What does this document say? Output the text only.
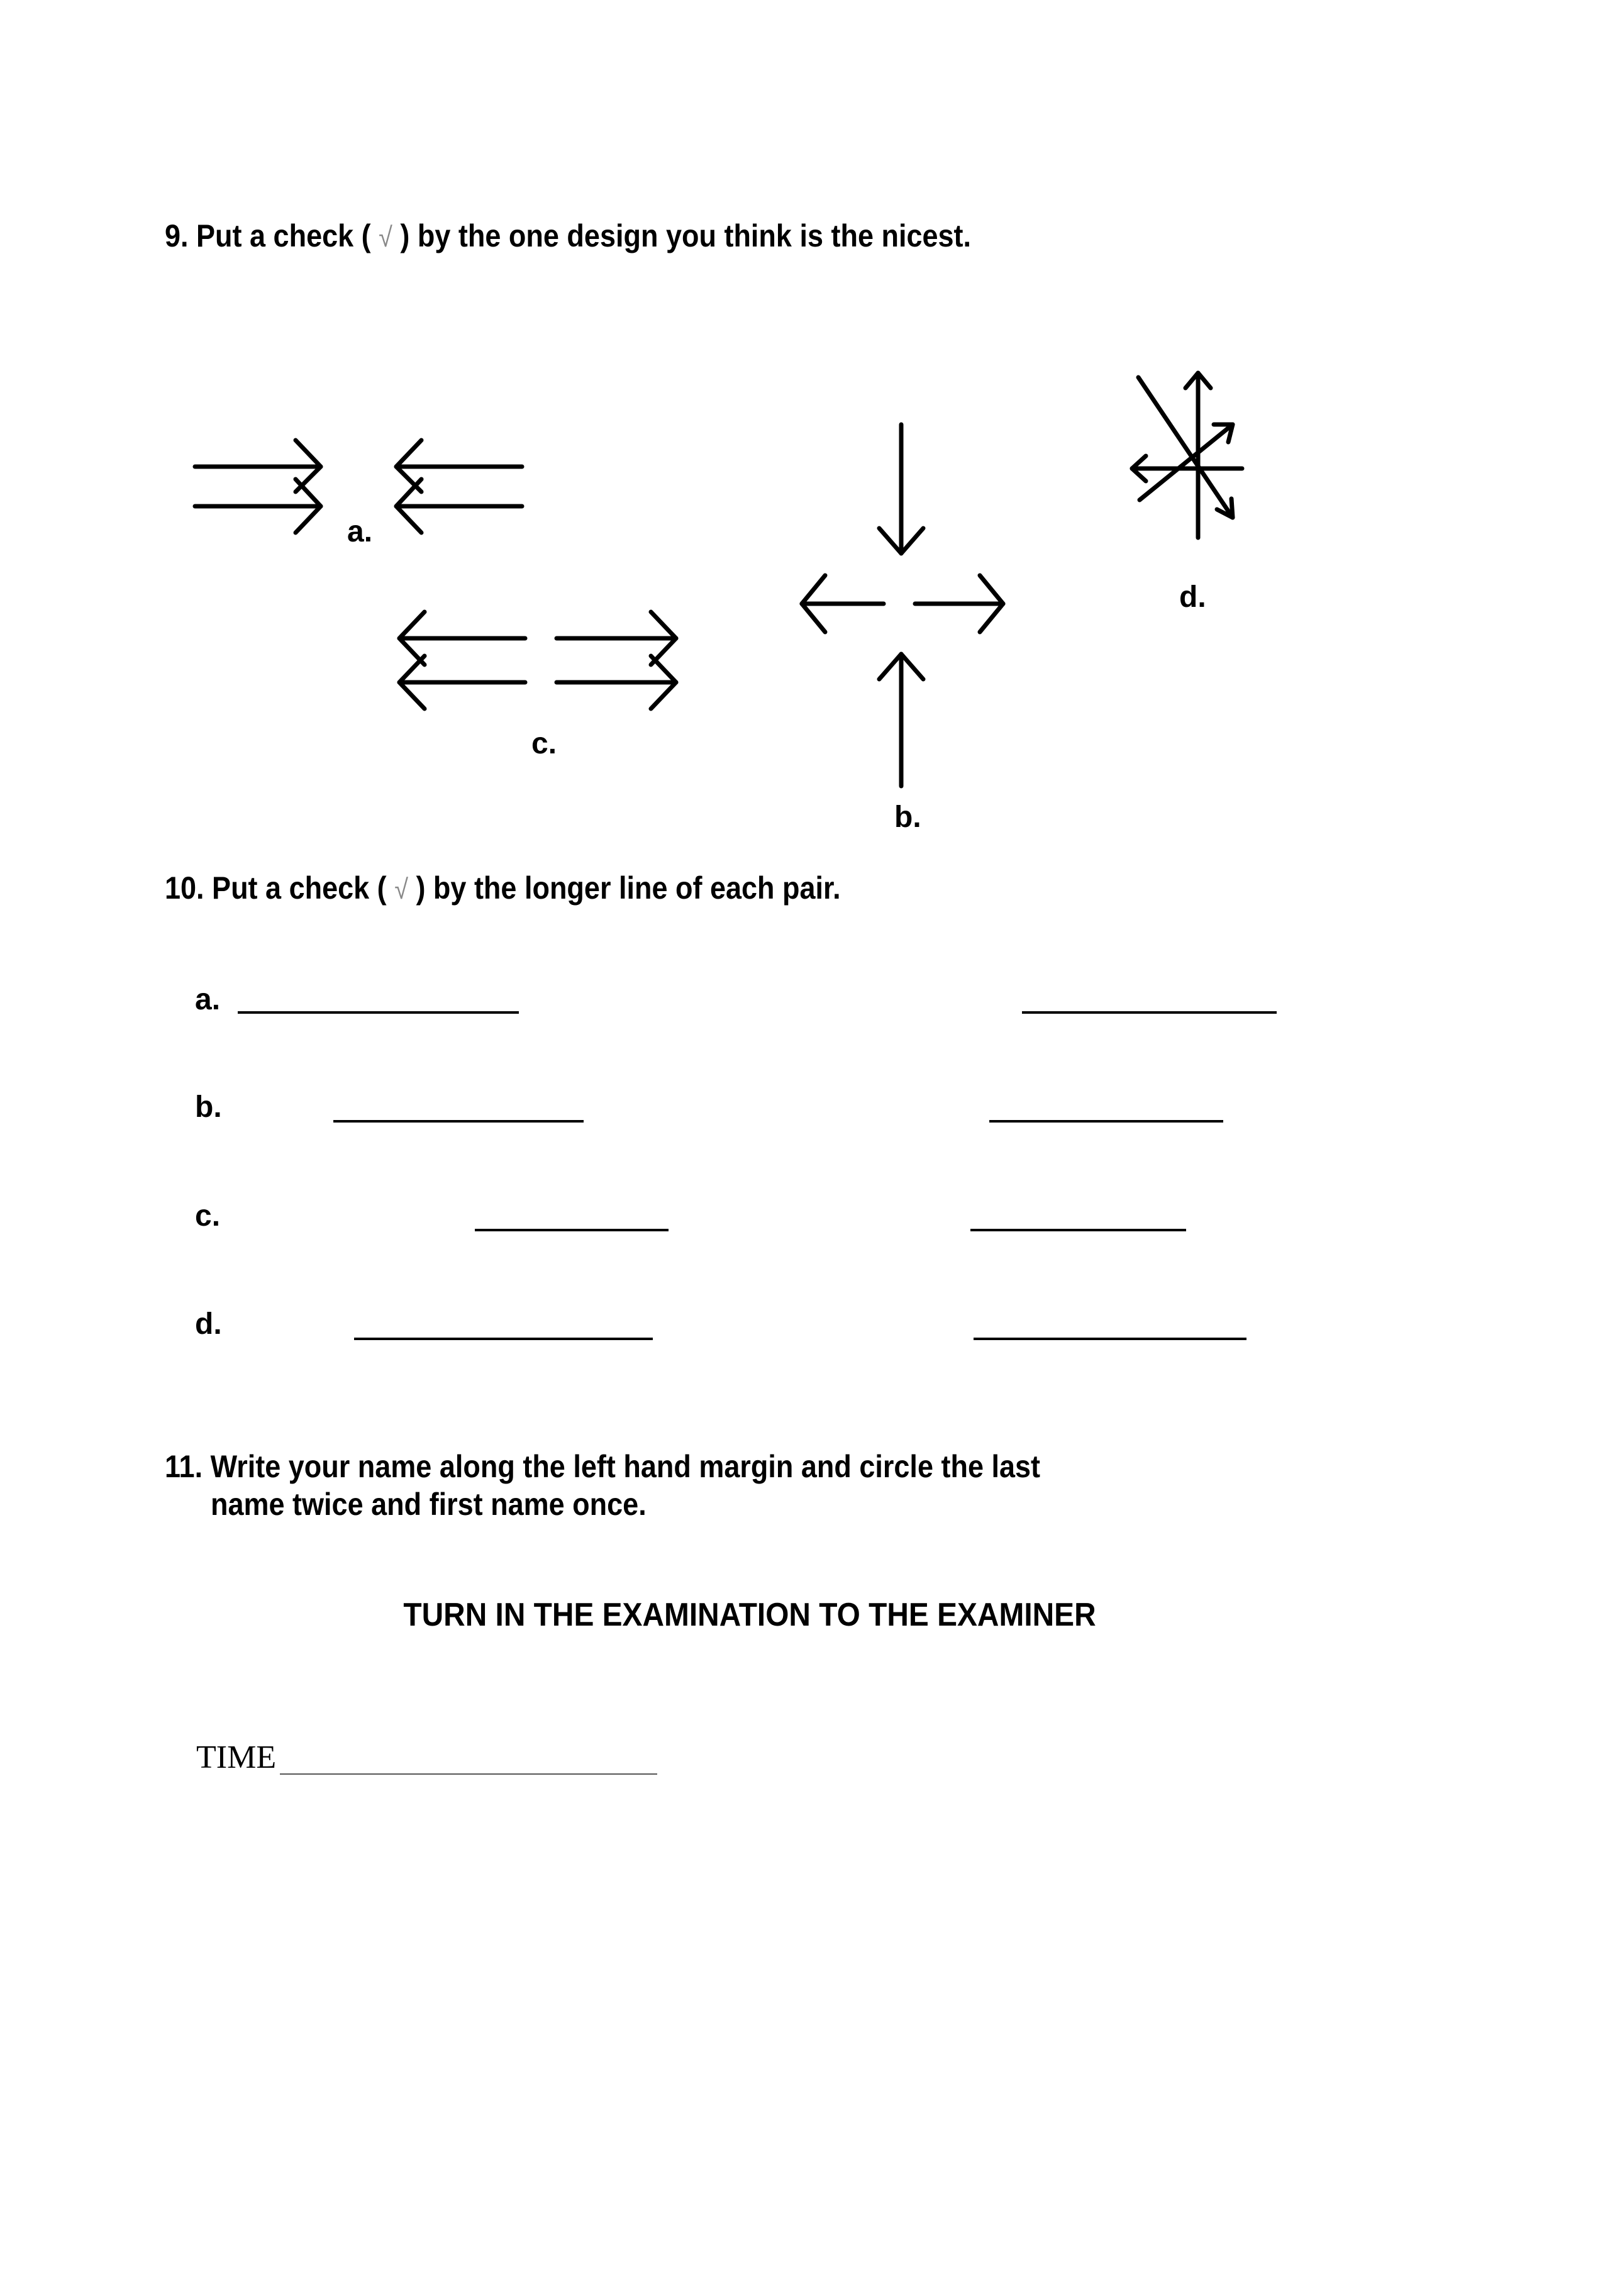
9. Put a check ( √ ) by the one design you think is the nicest.
a.
c.
b.
d.
10. Put a check ( √ ) by the longer line of each pair.
a.
b.
c.
d.
11. Write your name along the left hand margin and circle the last
name twice and first name once.
TURN IN THE EXAMINATION TO THE EXAMINER
TIME
